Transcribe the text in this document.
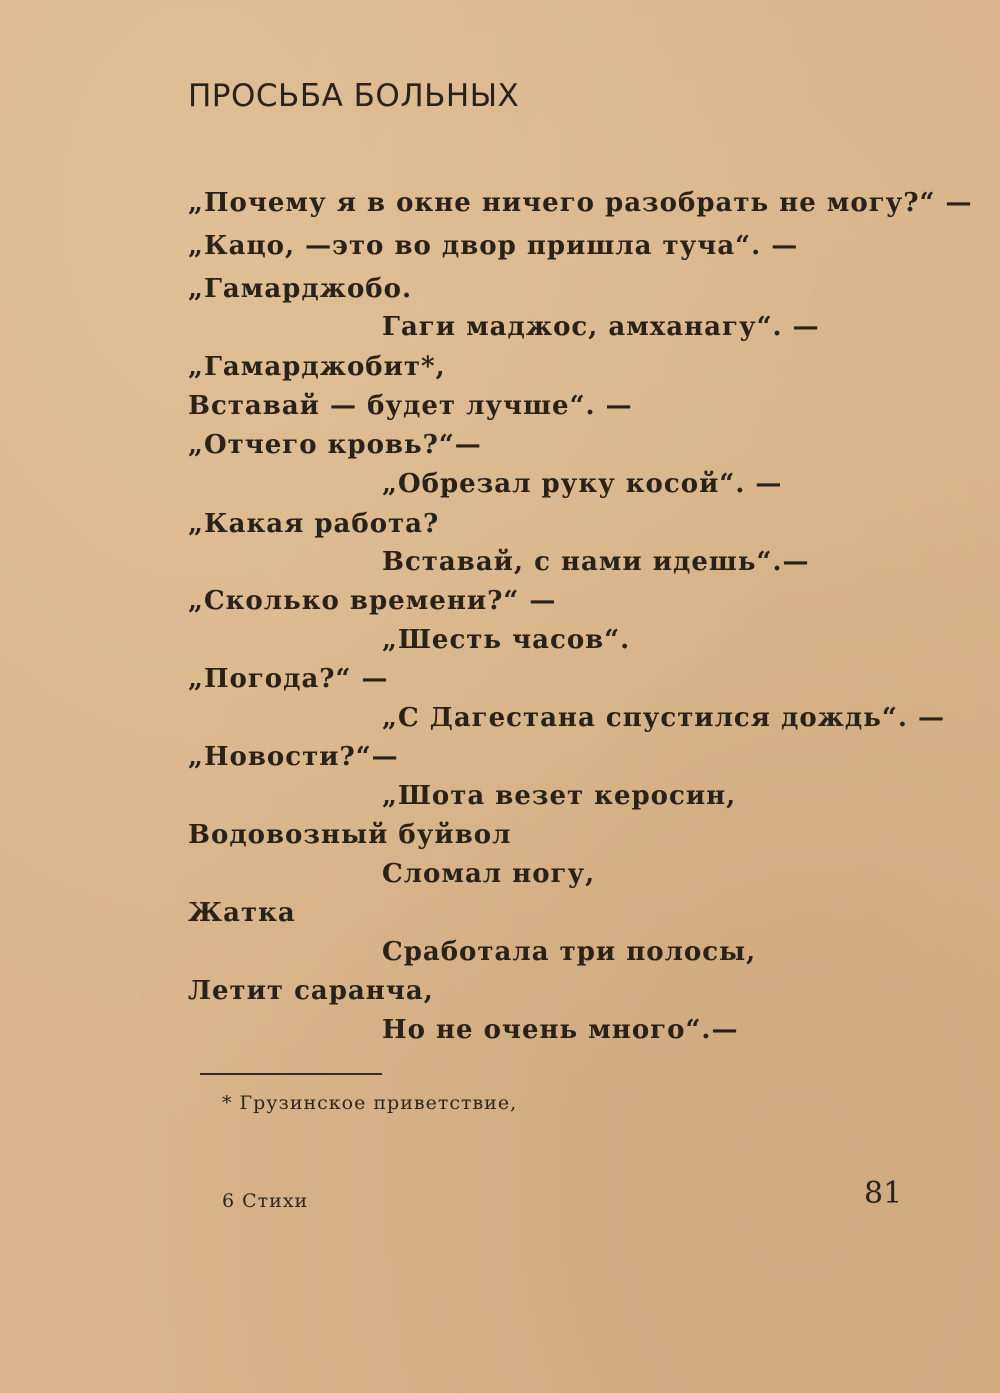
ПРОСЬБА БОЛЬНЫХ
„Почему я в окне ничего разобрать не могу?“ —
„Кацо, —это во двор пришла туча“. —
„Гамарджобо.
Гаги маджос, амханагу“. —
„Гамарджобит*,
Вставай — будет лучше“. —
„Отчего кровь?“—
„Обрезал руку косой“. —
„Какая работа?
Вставай, с нами идешь“.—
„Сколько времени?“ —
„Шесть часов“.
„Погода?“ —
„С Дагестана спустился дождь“. —
„Новости?“—
„Шота везет керосин,
Водовозный буйвол
Сломал ногу,
Жатка
Сработала три полосы,
Летит саранча,
Но не очень много“.—
* Грузинское приветствие,
6 Стихи	81
